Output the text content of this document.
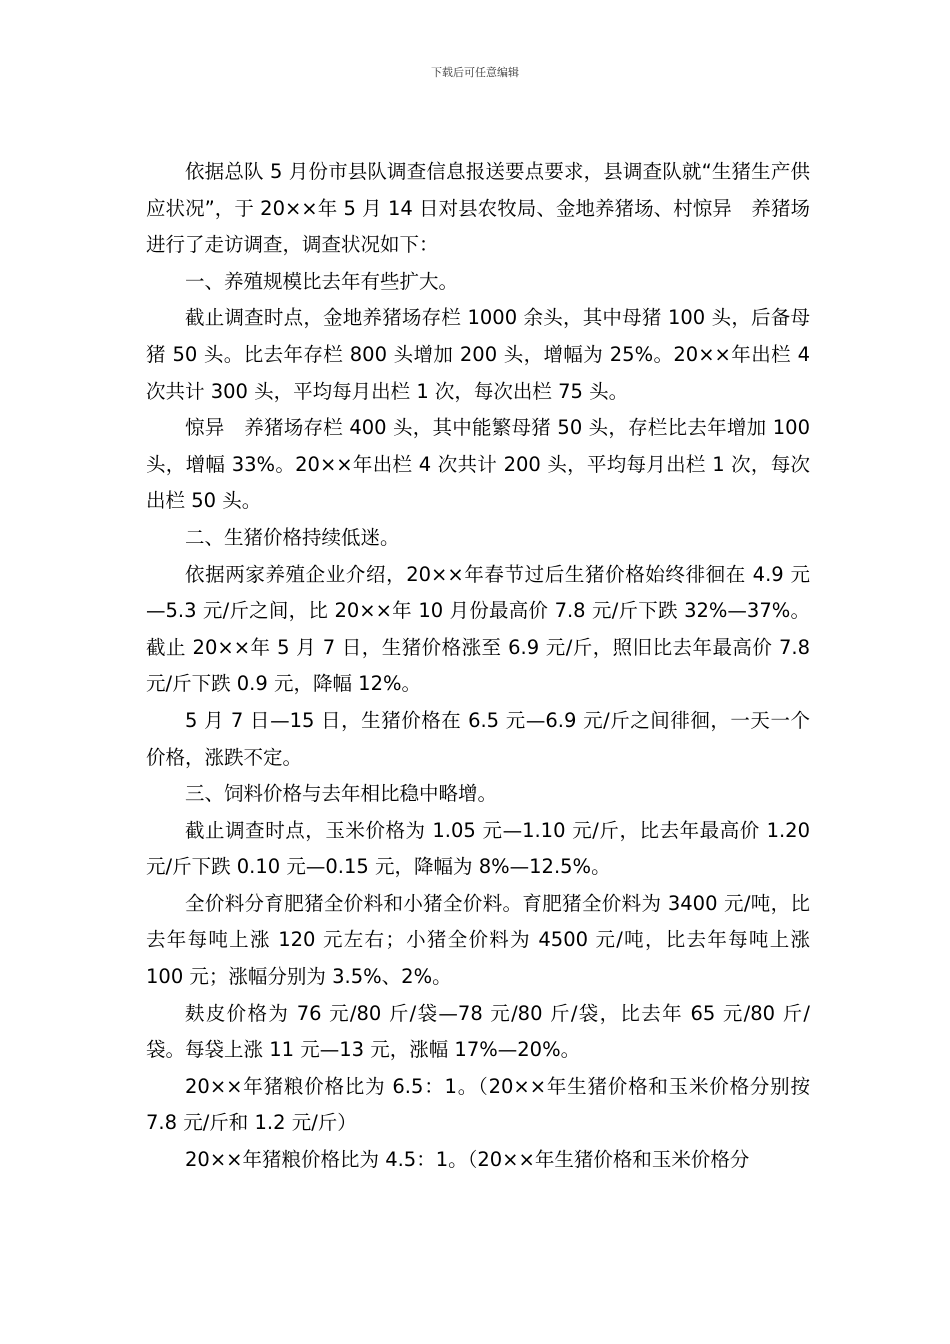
下载后可任意编辑

依据总队 5 月份市县队调查信息报送要点要求，县调查队就“生猪生产供应状况”，于 20××年 5 月 14 日对县农牧局、金地养猪场、村惊异　养猪场进行了走访调查，调查状况如下：

一、养殖规模比去年有些扩大。

截止调查时点，金地养猪场存栏 1000 余头，其中母猪 100 头，后备母猪 50 头。比去年存栏 800 头增加 200 头，增幅为 25%。20××年出栏 4 次共计 300 头，平均每月出栏 1 次，每次出栏 75 头。

惊异　养猪场存栏 400 头，其中能繁母猪 50 头，存栏比去年增加 100 头，增幅 33%。20××年出栏 4 次共计 200 头，平均每月出栏 1 次，每次出栏 50 头。

二、生猪价格持续低迷。

依据两家养殖企业介绍，20××年春节过后生猪价格始终徘徊在 4.9 元—5.3 元/斤之间，比 20××年 10 月份最高价 7.8 元/斤下跌 32%—37%。截止 20××年 5 月 7 日，生猪价格涨至 6.9 元/斤，照旧比去年最高价 7.8 元/斤下跌 0.9 元，降幅 12%。

5 月 7 日—15 日，生猪价格在 6.5 元—6.9 元/斤之间徘徊，一天一个价格，涨跌不定。

三、饲料价格与去年相比稳中略增。

截止调查时点，玉米价格为 1.05 元—1.10 元/斤，比去年最高价 1.20 元/斤下跌 0.10 元—0.15 元，降幅为 8%—12.5%。

全价料分育肥猪全价料和小猪全价料。育肥猪全价料为 3400 元/吨，比去年每吨上涨 120 元左右；小猪全价料为 4500 元/吨，比去年每吨上涨 100 元；涨幅分别为 3.5%、2%。

麸皮价格为 76 元/80 斤/袋—78 元/80 斤/袋，比去年 65 元/80 斤/袋。每袋上涨 11 元—13 元，涨幅 17%—20%。

20××年猪粮价格比为 6.5：1。（20××年生猪价格和玉米价格分别按 7.8 元/斤和 1.2 元/斤）

20××年猪粮价格比为 4.5：1。（20××年生猪价格和玉米价格分
